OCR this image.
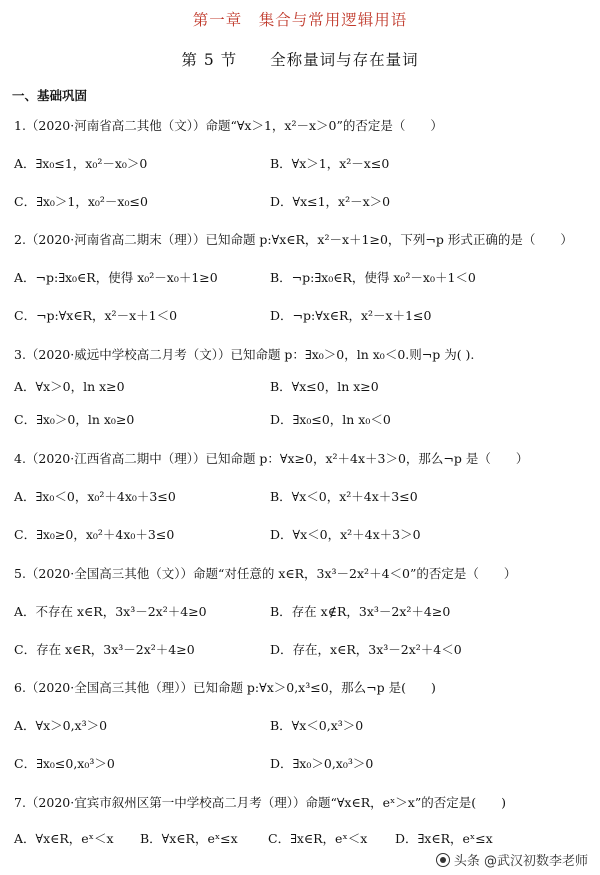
第一章　集合与常用逻辑用语
第 5 节　　全称量词与存在量词
一、基础巩固
1.（2020·河南省高二其他（文））命题“∀x＞1，x²－x＞0”的否定是（　　）
A．∃x₀≤1，x₀²－x₀＞0	B．∀x＞1，x²－x≤0
C．∃x₀＞1，x₀²－x₀≤0	D．∀x≤1，x²－x＞0
2.（2020·河南省高二期末（理））已知命题 p:∀x∈R，x²－x＋1≥0，下列¬p 形式正确的是（　　）
A．¬p:∃x₀∈R，使得 x₀²－x₀＋1≥0	B．¬p:∃x₀∈R，使得 x₀²－x₀＋1＜0
C．¬p:∀x∈R，x²－x＋1＜0	D．¬p:∀x∈R，x²－x＋1≤0
3.（2020·威远中学校高二月考（文））已知命题 p：∃x₀＞0，ln x₀＜0.则¬p 为( ).
A．∀x＞0，ln x≥0	B．∀x≤0，ln x≥0
C．∃x₀＞0，ln x₀≥0	D．∃x₀≤0，ln x₀＜0
4.（2020·江西省高二期中（理））已知命题 p：∀x≥0，x²＋4x＋3＞0，那么¬p 是（　　）
A．∃x₀＜0，x₀²＋4x₀＋3≤0	B．∀x＜0，x²＋4x＋3≤0
C．∃x₀≥0，x₀²＋4x₀＋3≤0	D．∀x＜0，x²＋4x＋3＞0
5.（2020·全国高三其他（文））命题“对任意的 x∈R，3x³－2x²＋4＜0”的否定是（　　）
A．不存在 x∈R，3x³－2x²＋4≥0	B．存在 x∉R，3x³－2x²＋4≥0
C．存在 x∈R，3x³－2x²＋4≥0	D．存在，x∈R，3x³－2x²＋4＜0
6.（2020·全国高三其他（理））已知命题 p:∀x＞0,x³≤0，那么¬p 是(　　)
A．∀x＞0,x³＞0	B．∀x＜0,x³＞0
C．∃x₀≤0,x₀³＞0	D．∃x₀＞0,x₀³＞0
7.（2020·宜宾市叙州区第一中学校高二月考（理））命题“∀x∈R，eˣ＞x”的否定是(　　)
A．∀x∈R，eˣ＜x B．∀x∈R，eˣ≤x C．∃x∈R，eˣ＜x D．∃x∈R，eˣ≤x
头条 @武汉初数李老师
